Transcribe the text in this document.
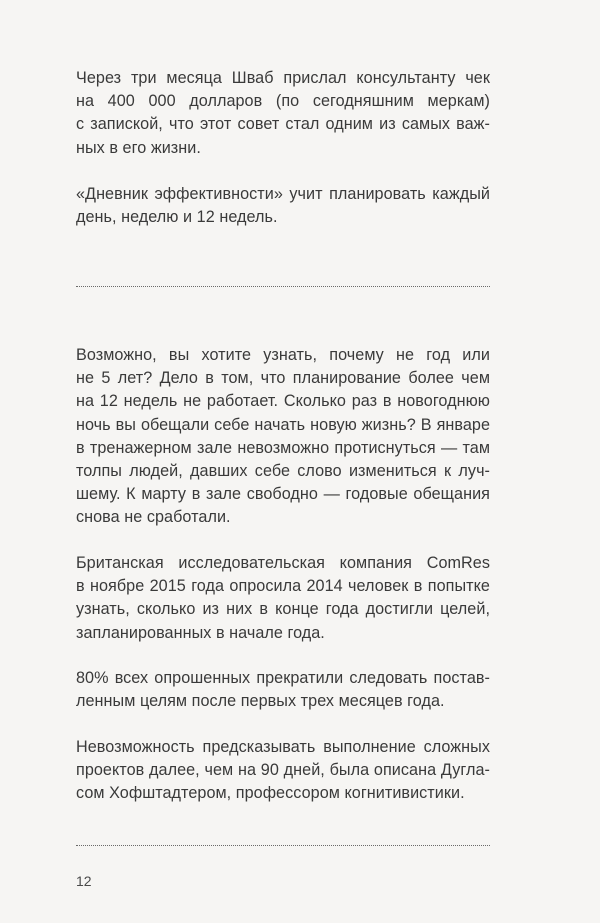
Через три месяца Шваб прислал консультанту чек
на 400 000 долларов (по сегодняшним меркам)
с запиской, что этот совет стал одним из самых важ-
ных в его жизни.

«Дневник эффективности» учит планировать каждый
день, неделю и 12 недель.

Возможно, вы хотите узнать, почему не год или
не 5 лет? Дело в том, что планирование более чем
на 12 недель не работает. Сколько раз в новогоднюю
ночь вы обещали себе начать новую жизнь? В январе
в тренажерном зале невозможно протиснуться — там
толпы людей, давших себе слово измениться к луч-
шему. К марту в зале свободно — годовые обещания
снова не сработали.

Британская исследовательская компания ComRes
в ноябре 2015 года опросила 2014 человек в попытке
узнать, сколько из них в конце года достигли целей,
запланированных в начале года.

80% всех опрошенных прекратили следовать постав-
ленным целям после первых трех месяцев года.

Невозможность предсказывать выполнение сложных
проектов далее, чем на 90 дней, была описана Дугла-
сом Хофштадтером, профессором когнитивистики.

12
